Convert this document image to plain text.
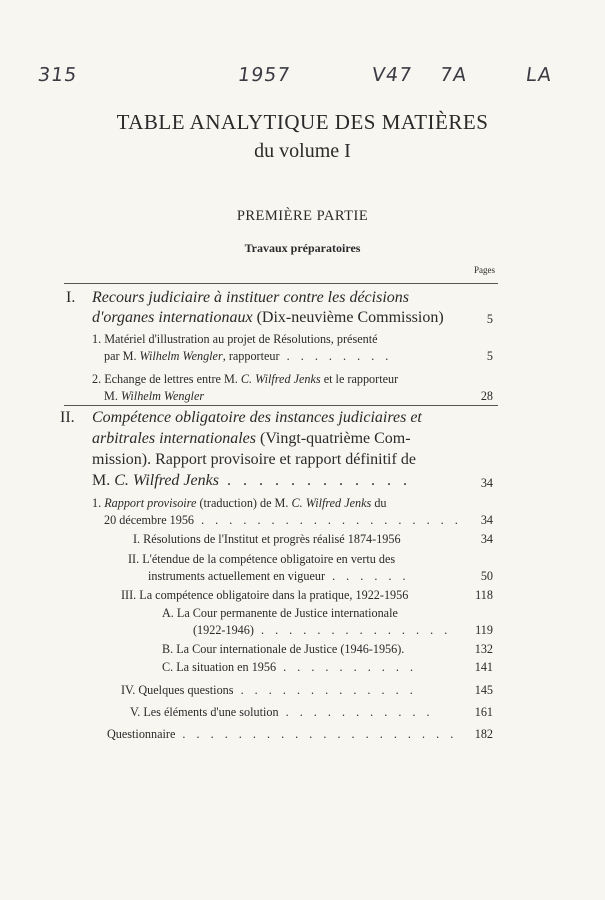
315	1957	V47 7A	LA
TABLE ANALYTIQUE DES MATIÈRES
du volume I
PREMIÈRE PARTIE
Travaux préparatoires
Pages
I. Recours judiciaire à instituer contre les décisions
d'organes internationaux (Dix-neuvième Commission)	5
1. Matériel d'illustration au projet de Résolutions, présenté
par M. Wilhelm Wengler, rapporteur . . . . . . . .	5
2. Echange de lettres entre M. C. Wilfred Jenks et le rapporteur
M. Wilhelm Wengler	28
II. Compétence obligatoire des instances judiciaires et
arbitrales internationales (Vingt-quatrième Com-
mission). Rapport provisoire et rapport définitif de
M. C. Wilfred Jenks . . . . . . . . . . . .	34
1. Rapport provisoire (traduction) de M. C. Wilfred Jenks du
20 décembre 1956 . . . . . . . . . . . . . . . . . . . 34
I. Résolutions de l'Institut et progrès réalisé 1874-1956	34
II. L'étendue de la compétence obligatoire en vertu des
instruments actuellement en vigueur . . . . . .	50
III. La compétence obligatoire dans la pratique, 1922-1956	118
A. La Cour permanente de Justice internationale
(1922-1946) . . . . . . . . . . . . . . 119
B. La Cour internationale de Justice (1946-1956).	132
C. La situation en 1956 . . . . . . . . . .	141
IV. Quelques questions . . . . . . . . . . . . .	145
V. Les éléments d'une solution . . . . . . . . . . .	161
Questionnaire . . . . . . . . . . . . . . . . . . . . 182
